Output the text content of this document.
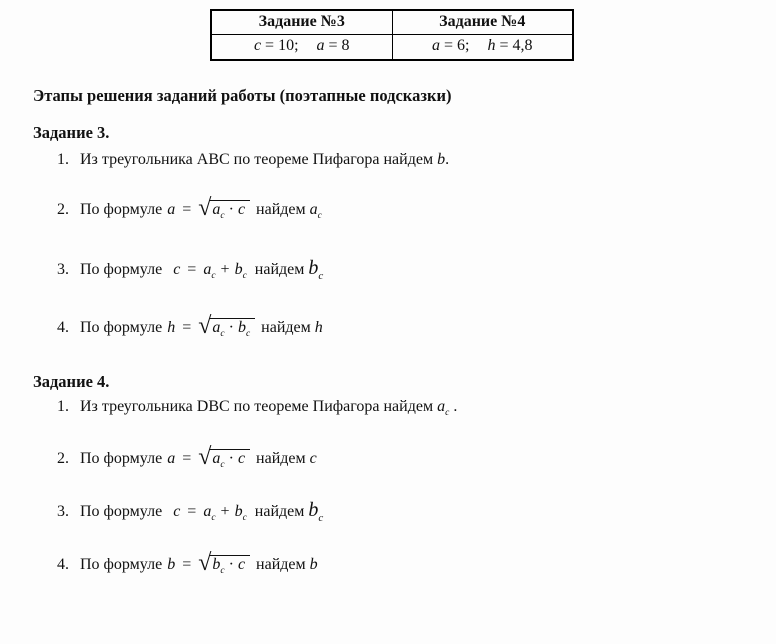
Задание №3	Задание №4
c = 10; a = 8	a = 6; h = 4,8
Этапы решения заданий работы (поэтапные подсказки)
Задание 3.
1. Из треугольника ABC по теореме Пифагора найдем b.
2. По формуле $a = √a_c \cdot c$ найдем $a_c$
3. По формуле $c = a_c + b_c$ найдем $b_c$
4. По формуле $h = √a_c \cdot b_c$ найдем h
Задание 4.
1. Из треугольника DBC по теореме Пифагора найдем $a_c$ .
2. По формуле $a = √a_c \cdot c$ найдем c
3. По формуле $c = a_c + b_c$ найдем $b_c$
4. По формуле $b = √b_c \cdot c$ найдем b
